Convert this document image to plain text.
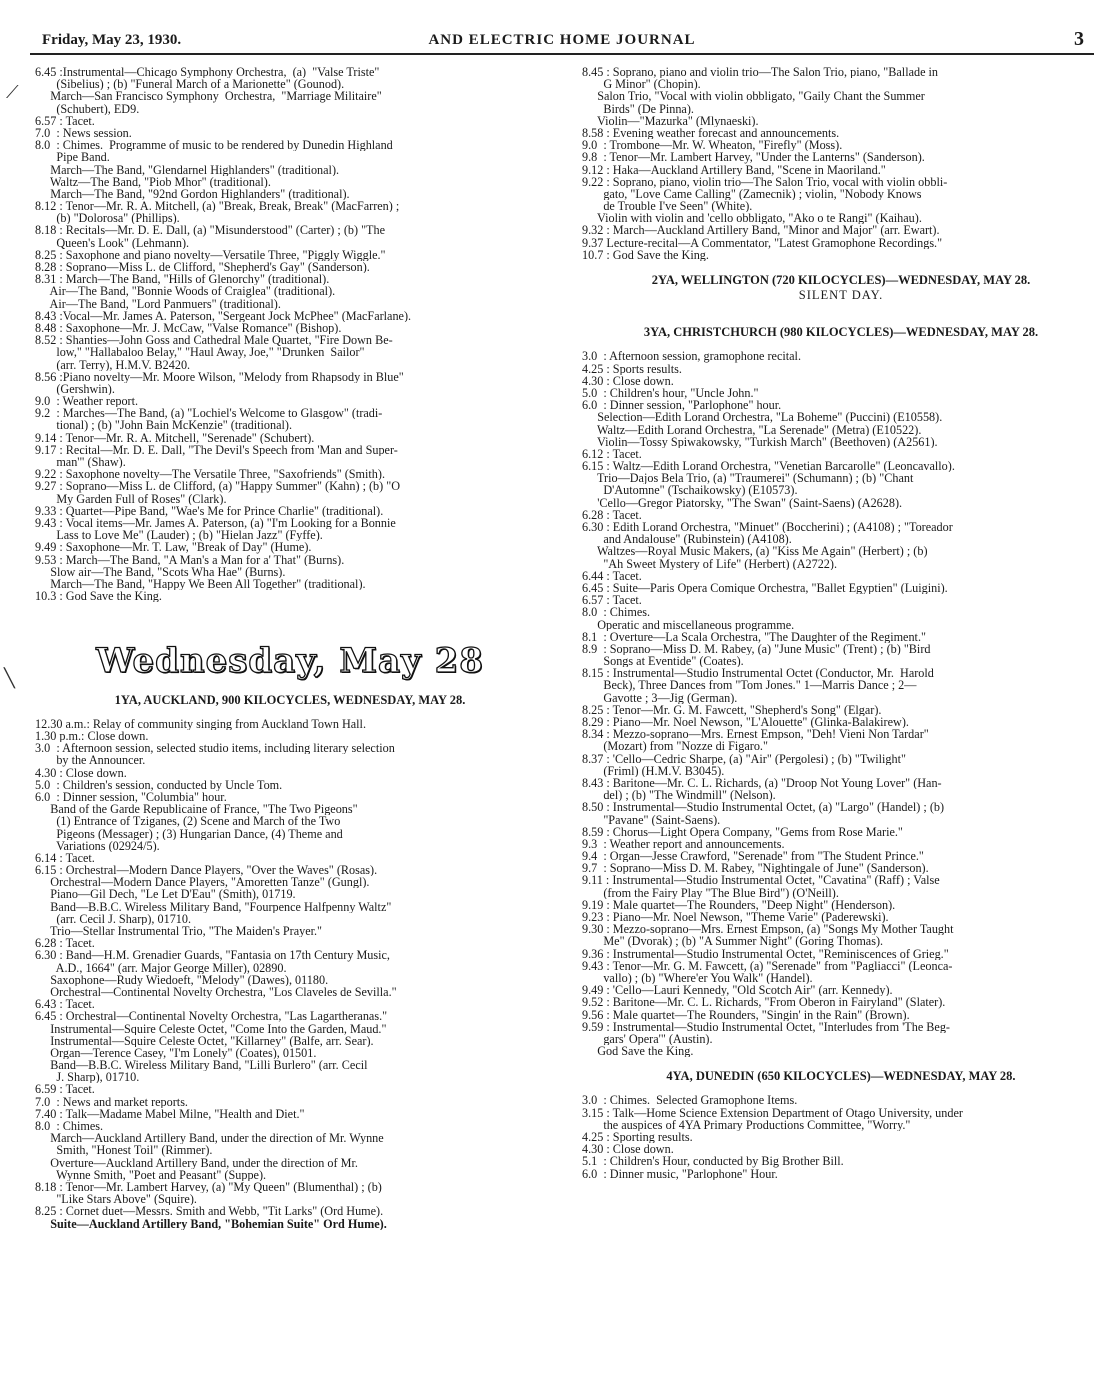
Friday, May 23, 1930.	AND ELECTRIC HOME JOURNAL	3
6.45 :Instrumental—Chicago Symphony Orchestra,  (a)  "Valse Triste"
(Sibelius) ; (b) "Funeral March of a Marionette" (Gounod).
March—San Francisco Symphony  Orchestra,  "Marriage Militaire"
(Schubert), ED9.
6.57 : Tacet.
7.0  : News session.
8.0  : Chimes.  Programme of music to be rendered by Dunedin Highland
Pipe Band.
March—The Band, "Glendarnel Highlanders" (traditional).
Waltz—The Band, "Piob Mhor" (traditional).
March—The Band, "92nd Gordon Highlanders" (traditional).
8.12 : Tenor—Mr. R. A. Mitchell, (a) "Break, Break, Break" (MacFarren) ;
(b) "Dolorosa" (Phillips).
8.18 : Recitals—Mr. D. E. Dall, (a) "Misunderstood" (Carter) ; (b) "The
Queen's Look" (Lehmann).
8.25 : Saxophone and piano novelty—Versatile Three, "Piggly Wiggle."
8.28 : Soprano—Miss L. de Clifford, "Shepherd's Gay" (Sanderson).
8.31 : March—The Band, "Hills of Glenorchy" (traditional).
Air—The Band, "Bonnie Woods of Craiglea" (traditional).
Air—The Band, "Lord Panmuers" (traditional).
8.43 :Vocal—Mr. James A. Paterson, "Sergeant Jock McPhee" (MacFarlane).
8.48 : Saxophone—Mr. J. McCaw, "Valse Romance" (Bishop).
8.52 : Shanties—John Goss and Cathedral Male Quartet, "Fire Down Be-
low," "Hallabaloo Belay," "Haul Away, Joe," "Drunken  Sailor"
(arr. Terry), H.M.V. B2420.
8.56 :Piano novelty—Mr. Moore Wilson, "Melody from Rhapsody in Blue"
(Gershwin).
9.0  : Weather report.
9.2  : Marches—The Band, (a) "Lochiel's Welcome to Glasgow" (tradi-
tional) ; (b) "John Bain McKenzie" (traditional).
9.14 : Tenor—Mr. R. A. Mitchell, "Serenade" (Schubert).
9.17 : Recital—Mr. D. E. Dall, "The Devil's Speech from 'Man and Super-
man'" (Shaw).
9.22 : Saxophone novelty—The Versatile Three, "Saxofriends" (Smith).
9.27 : Soprano—Miss L. de Clifford, (a) "Happy Summer" (Kahn) ; (b) "O
My Garden Full of Roses" (Clark).
9.33 : Quartet—Pipe Band, "Wae's Me for Prince Charlie" (traditional).
9.43 : Vocal items—Mr. James A. Paterson, (a) "I'm Looking for a Bonnie
Lass to Love Me" (Lauder) ; (b) "Hielan Jazz" (Fyffe).
9.49 : Saxophone—Mr. T. Law, "Break of Day" (Hume).
9.53 : March—The Band, "A Man's a Man for a' That" (Burns).
Slow air—The Band, "Scots Wha Hae" (Burns).
March—The Band, "Happy We Been All Together" (traditional).
10.3 : God Save the King.
Wednesday, May 28
1YA, AUCKLAND, 900 KILOCYCLES, WEDNESDAY, MAY 28.
12.30 a.m.: Relay of community singing from Auckland Town Hall.
1.30 p.m.: Close down.
3.0  : Afternoon session, selected studio items, including literary selection
by the Announcer.
4.30 : Close down.
5.0  : Children's session, conducted by Uncle Tom.
6.0  : Dinner session, "Columbia" hour.
Band of the Garde Republicaine of France, "The Two Pigeons"
(1) Entrance of Tziganes, (2) Scene and March of the Two
Pigeons (Messager) ; (3) Hungarian Dance, (4) Theme and
Variations (02924/5).
6.14 : Tacet.
6.15 : Orchestral—Modern Dance Players, "Over the Waves" (Rosas).
Orchestral—Modern Dance Players, "Amoretten Tanze" (Gungl).
Piano—Gil Dech, "Le Let D'Eau" (Smith), 01719.
Band—B.B.C. Wireless Military Band, "Fourpence Halfpenny Waltz"
(arr. Cecil J. Sharp), 01710.
Trio—Stellar Instrumental Trio, "The Maiden's Prayer."
6.28 : Tacet.
6.30 : Band—H.M. Grenadier Guards, "Fantasia on 17th Century Music,
A.D., 1664" (arr. Major George Miller), 02890.
Saxophone—Rudy Wiedoeft, "Melody" (Dawes), 01180.
Orchestral—Continental Novelty Orchestra, "Los Claveles de Sevilla."
6.43 : Tacet.
6.45 : Orchestral—Continental Novelty Orchestra, "Las Lagartheranas."
Instrumental—Squire Celeste Octet, "Come Into the Garden, Maud."
Instrumental—Squire Celeste Octet, "Killarney" (Balfe, arr. Sear).
Organ—Terence Casey, "I'm Lonely" (Coates), 01501.
Band—B.B.C. Wireless Military Band, "Lilli Burlero" (arr. Cecil
J. Sharp), 01710.
6.59 : Tacet.
7.0  : News and market reports.
7.40 : Talk—Madame Mabel Milne, "Health and Diet."
8.0  : Chimes.
March—Auckland Artillery Band, under the direction of Mr. Wynne
Smith, "Honest Toil" (Rimmer).
Overture—Auckland Artillery Band, under the direction of Mr.
Wynne Smith, "Poet and Peasant" (Suppe).
8.18 : Tenor—Mr. Lambert Harvey, (a) "My Queen" (Blumenthal) ; (b)
"Like Stars Above" (Squire).
8.25 : Cornet duet—Messrs. Smith and Webb, "Tit Larks" (Ord Hume).
Suite—Auckland Artillery Band, "Bohemian Suite" Ord Hume).
8.45 : Soprano, piano and violin trio—The Salon Trio, piano, "Ballade in
G Minor" (Chopin).
Salon Trio, "Vocal with violin obbligato, "Gaily Chant the Summer
Birds" (De Pinna).
Violin—"Mazurka" (Mlynaeski).
8.58 : Evening weather forecast and announcements.
9.0  : Trombone—Mr. W. Wheaton, "Firefly" (Moss).
9.8  : Tenor—Mr. Lambert Harvey, "Under the Lanterns" (Sanderson).
9.12 : Haka—Auckland Artillery Band, "Scene in Maoriland."
9.22 : Soprano, piano, violin trio—The Salon Trio, vocal with violin obbli-
gato, "Love Came Calling" (Zamecnik) ; violin, "Nobody Knows
de Trouble I've Seen" (White).
Violin with violin and 'cello obbligato, "Ako o te Rangi" (Kaihau).
9.32 : March—Auckland Artillery Band, "Minor and Major" (arr. Ewart).
9.37 Lecture-recital—A Commentator, "Latest Gramophone Recordings."
10.7 : God Save the King.
2YA, WELLINGTON (720 KILOCYCLES)—WEDNESDAY, MAY 28.
SILENT DAY.
3YA, CHRISTCHURCH (980 KILOCYCLES)—WEDNESDAY, MAY 28.
3.0  : Afternoon session, gramophone recital.
4.25 : Sports results.
4.30 : Close down.
5.0  : Children's hour, "Uncle John."
6.0  : Dinner session, "Parlophone" hour.
Selection—Edith Lorand Orchestra, "La Boheme" (Puccini) (E10558).
Waltz—Edith Lorand Orchestra, "La Serenade" (Metra) (E10522).
Violin—Tossy Spiwakowsky, "Turkish March" (Beethoven) (A2561).
6.12 : Tacet.
6.15 : Waltz—Edith Lorand Orchestra, "Venetian Barcarolle" (Leoncavallo).
Trio—Dajos Bela Trio, (a) "Traumerei" (Schumann) ; (b) "Chant
D'Automne" (Tschaikowsky) (E10573).
'Cello—Gregor Piatorsky, "The Swan" (Saint-Saens) (A2628).
6.28 : Tacet.
6.30 : Edith Lorand Orchestra, "Minuet" (Boccherini) ; (A4108) ; "Toreador
and Andalouse" (Rubinstein) (A4108).
Waltzes—Royal Music Makers, (a) "Kiss Me Again" (Herbert) ; (b)
"Ah Sweet Mystery of Life" (Herbert) (A2722).
6.44 : Tacet.
6.45 : Suite—Paris Opera Comique Orchestra, "Ballet Egyptien" (Luigini).
6.57 : Tacet.
8.0  : Chimes.
Operatic and miscellaneous programme.
8.1  : Overture—La Scala Orchestra, "The Daughter of the Regiment."
8.9  : Soprano—Miss D. M. Rabey, (a) "June Music" (Trent) ; (b) "Bird
Songs at Eventide" (Coates).
8.15 : Instrumental—Studio Instrumental Octet (Conductor, Mr.  Harold
Beck), Three Dances from "Tom Jones." 1—Marris Dance ; 2—
Gavotte ; 3—Jig (German).
8.25 : Tenor—Mr. G. M. Fawcett, "Shepherd's Song" (Elgar).
8.29 : Piano—Mr. Noel Newson, "L'Alouette" (Glinka-Balakirew).
8.34 : Mezzo-soprano—Mrs. Ernest Empson, "Deh! Vieni Non Tardar"
(Mozart) from "Nozze di Figaro."
8.37 : 'Cello—Cedric Sharpe, (a) "Air" (Pergolesi) ; (b) "Twilight"
(Friml) (H.M.V. B3045).
8.43 : Baritone—Mr. C. L. Richards, (a) "Droop Not Young Lover" (Han-
del) ; (b) "The Windmill" (Nelson).
8.50 : Instrumental—Studio Instrumental Octet, (a) "Largo" (Handel) ; (b)
"Pavane" (Saint-Saens).
8.59 : Chorus—Light Opera Company, "Gems from Rose Marie."
9.3  : Weather report and announcements.
9.4  : Organ—Jesse Crawford, "Serenade" from "The Student Prince."
9.7  : Soprano—Miss D. M. Rabey, "Nightingale of June" (Sanderson).
9.11 : Instrumental—Studio Instrumental Octet, "Cavatina" (Raff) ; Valse
(from the Fairy Play "The Blue Bird") (O'Neill).
9.19 : Male quartet—The Rounders, "Deep Night" (Henderson).
9.23 : Piano—Mr. Noel Newson, "Theme Varie" (Paderewski).
9.30 : Mezzo-soprano—Mrs. Ernest Empson, (a) "Songs My Mother Taught
Me" (Dvorak) ; (b) "A Summer Night" (Goring Thomas).
9.36 : Instrumental—Studio Instrumental Octet, "Reminiscences of Grieg."
9.43 : Tenor—Mr. G. M. Fawcett, (a) "Serenade" from "Pagliacci" (Leonca-
vallo) ; (b) "Where'er You Walk" (Handel).
9.49 : 'Cello—Lauri Kennedy, "Old Scotch Air" (arr. Kennedy).
9.52 : Baritone—Mr. C. L. Richards, "From Oberon in Fairyland" (Slater).
9.56 : Male quartet—The Rounders, "Singin' in the Rain" (Brown).
9.59 : Instrumental—Studio Instrumental Octet, "Interludes from 'The Beg-
gars' Opera'" (Austin).
God Save the King.
4YA, DUNEDIN (650 KILOCYCLES)—WEDNESDAY, MAY 28.
3.0  : Chimes.  Selected Gramophone Items.
3.15 : Talk—Home Science Extension Department of Otago University, under
the auspices of 4YA Primary Productions Committee, "Worry."
4.25 : Sporting results.
4.30 : Close down.
5.1  : Children's Hour, conducted by Big Brother Bill.
6.0  : Dinner music, "Parlophone" Hour.
⟋
╲
